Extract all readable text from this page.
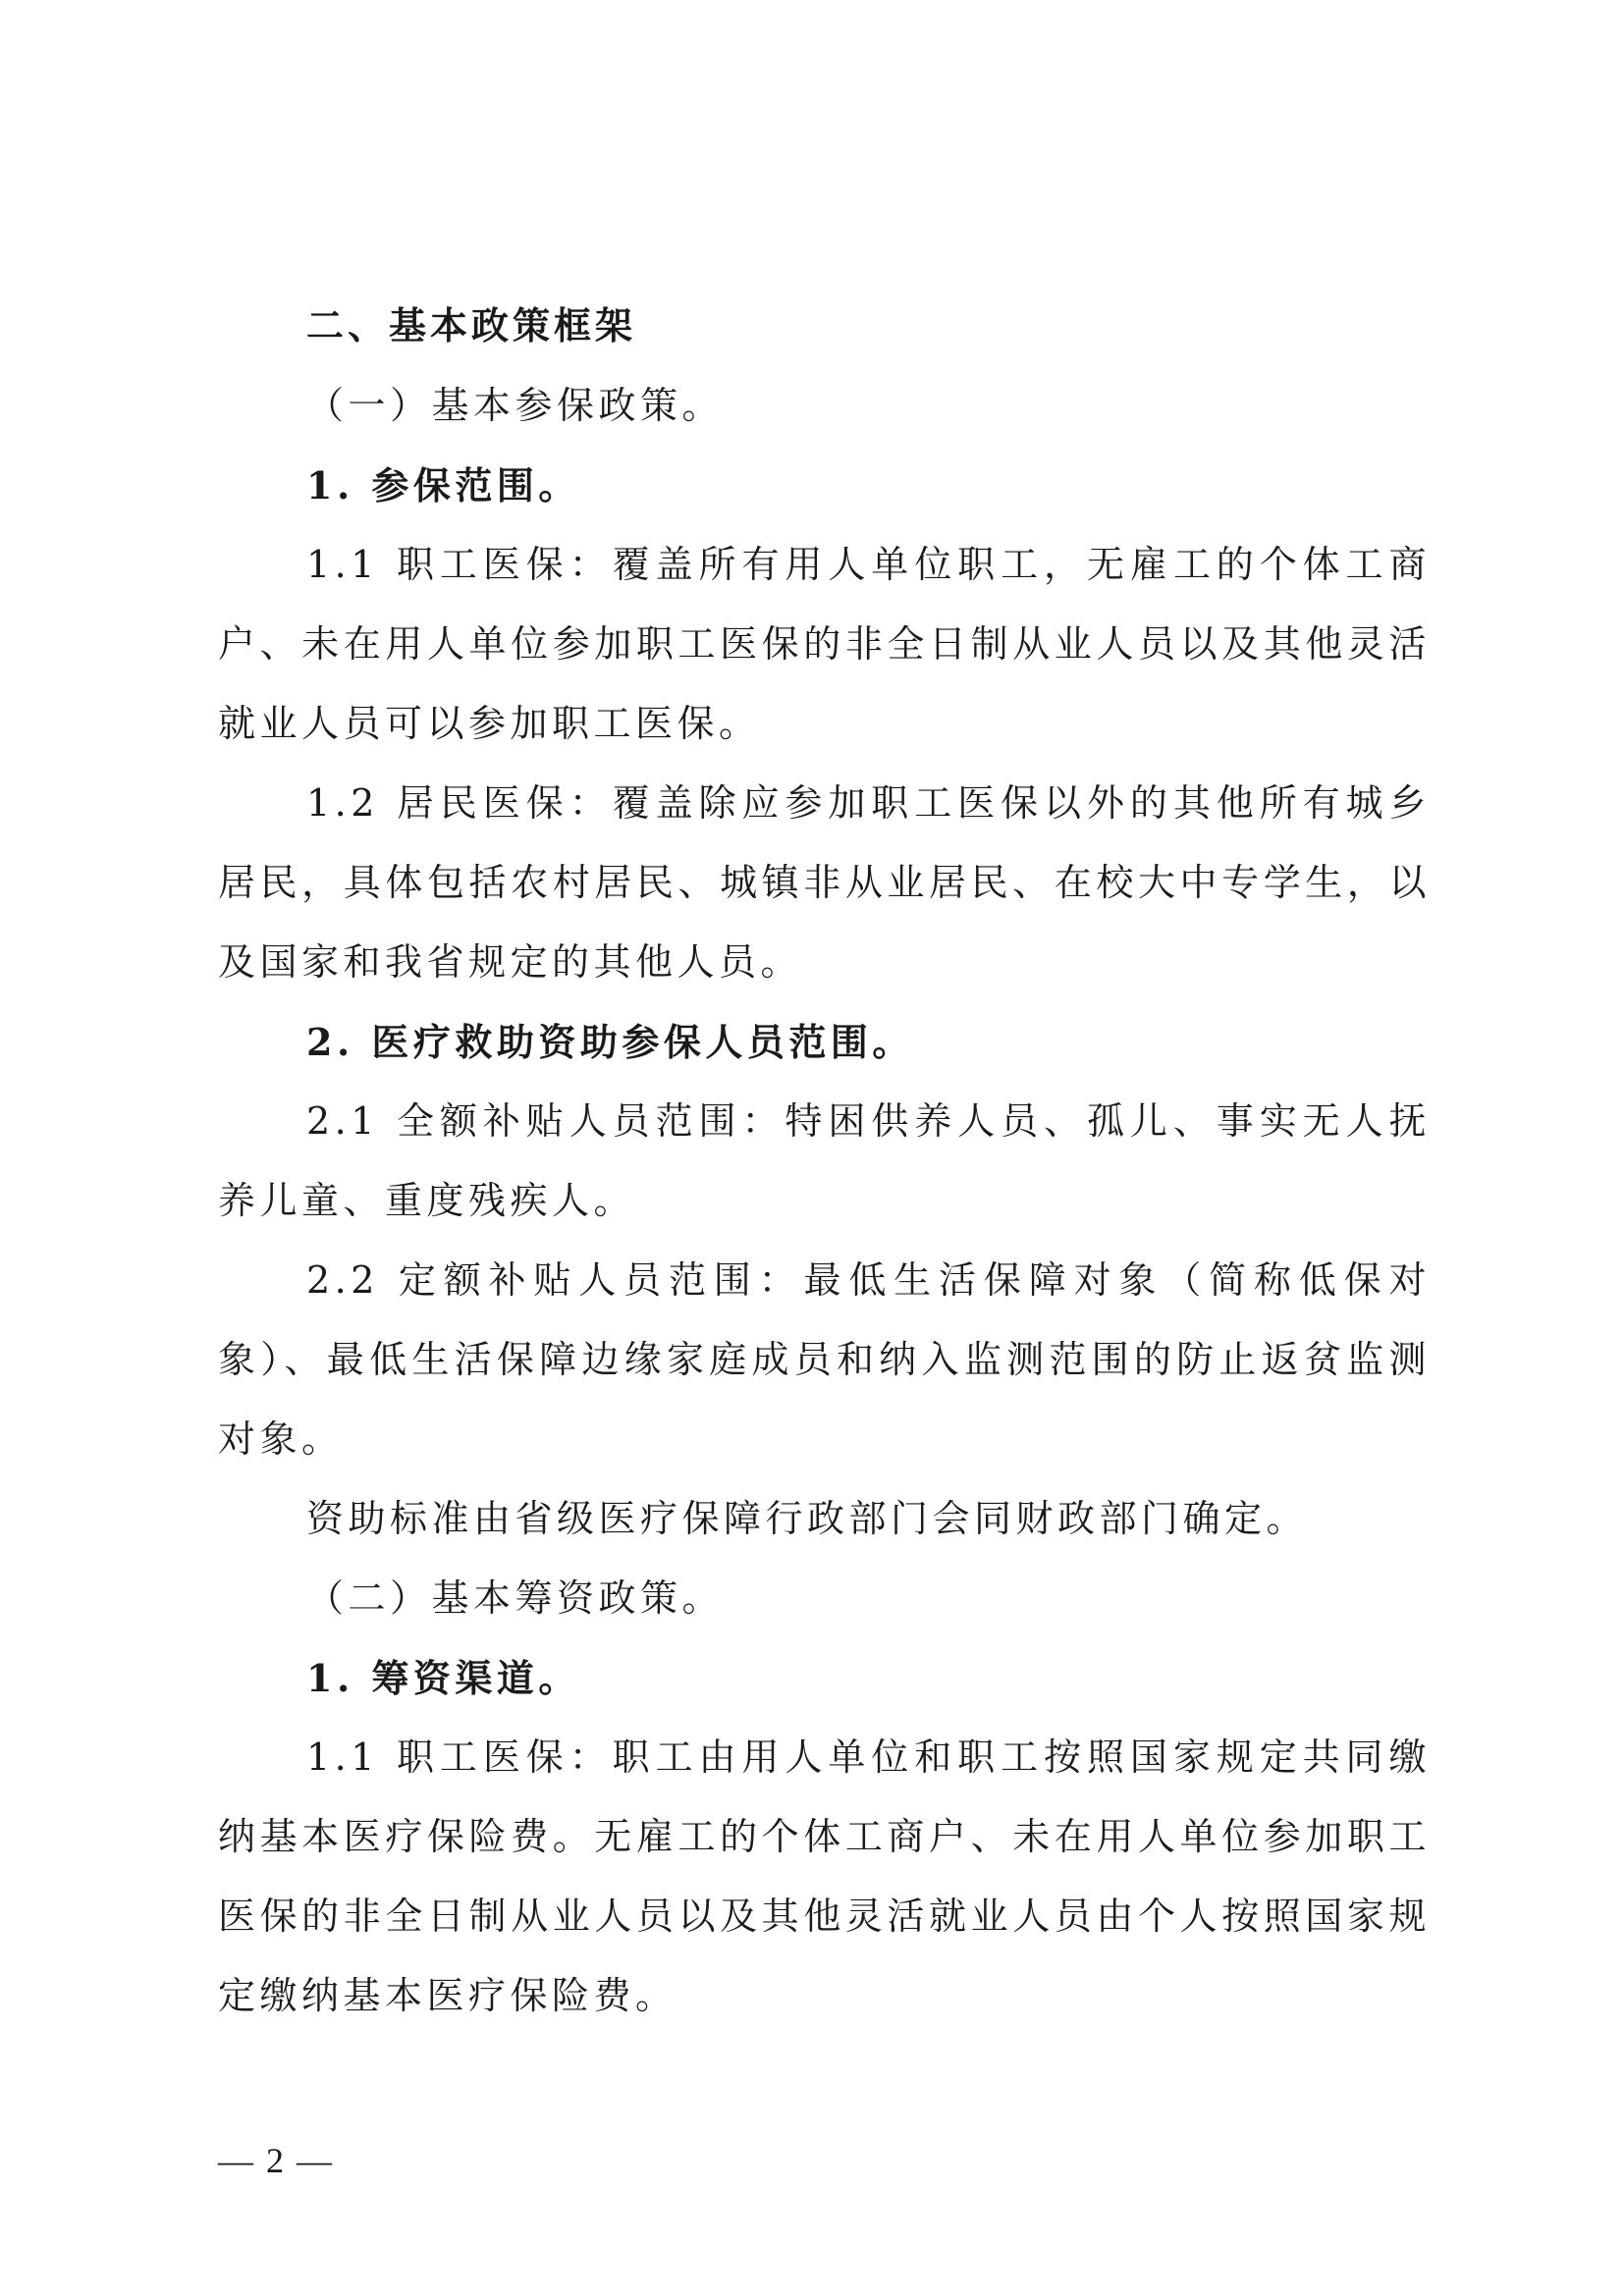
二、基本政策框架

（一）基本参保政策。

1. 参保范围。

1.1 职工医保：覆盖所有用人单位职工，无雇工的个体工商户、未在用人单位参加职工医保的非全日制从业人员以及其他灵活就业人员可以参加职工医保。

1.2 居民医保：覆盖除应参加职工医保以外的其他所有城乡居民，具体包括农村居民、城镇非从业居民、在校大中专学生，以及国家和我省规定的其他人员。

2. 医疗救助资助参保人员范围。

2.1 全额补贴人员范围：特困供养人员、孤儿、事实无人抚养儿童、重度残疾人。

2.2 定额补贴人员范围：最低生活保障对象（简称低保对象）、最低生活保障边缘家庭成员和纳入监测范围的防止返贫监测对象。

资助标准由省级医疗保障行政部门会同财政部门确定。

（二）基本筹资政策。

1. 筹资渠道。

1.1 职工医保：职工由用人单位和职工按照国家规定共同缴纳基本医疗保险费。无雇工的个体工商户、未在用人单位参加职工医保的非全日制从业人员以及其他灵活就业人员由个人按照国家规定缴纳基本医疗保险费。

— 2 —
